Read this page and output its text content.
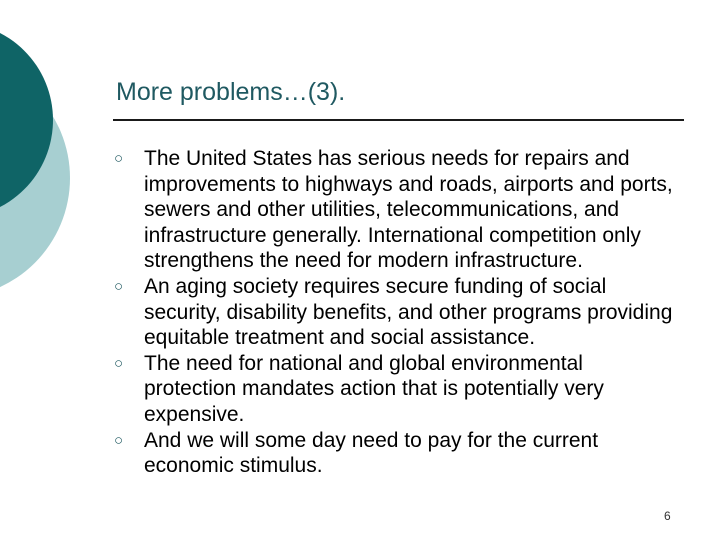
More problems…(3).
○ The United States has serious needs for repairs and improvements to highways and roads, airports and ports, sewers and other utilities, telecommunications, and infrastructure generally. International competition only strengthens the need for modern infrastructure.
○ An aging society requires secure funding of social security, disability benefits, and other programs providing equitable treatment and social assistance.
○ The need for national and global environmental protection mandates action that is potentially very expensive.
○ And we will some day need to pay for the current economic stimulus.
6
